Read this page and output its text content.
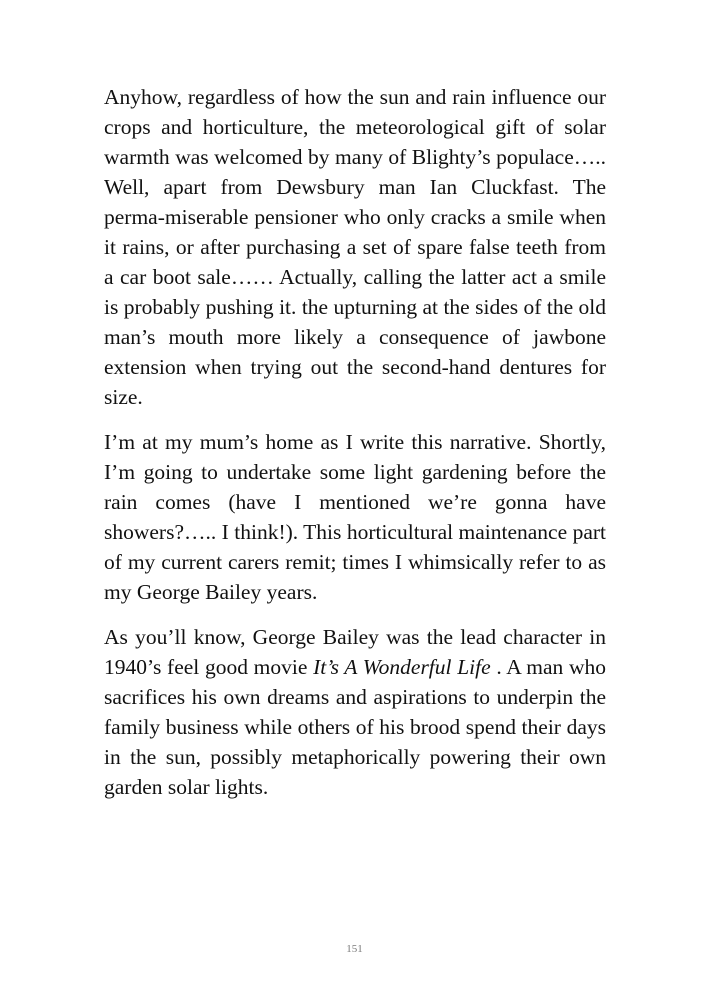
Anyhow, regardless of how the sun and rain influence our crops and horticulture, the meteorological gift of solar warmth was welcomed by many of Blighty’s populace….. Well, apart from Dewsbury man Ian Cluckfast. The perma-miserable pensioner who only cracks a smile when it rains, or after purchasing a set of spare false teeth from a car boot sale…… Actually, calling the latter act a smile is probably pushing it. the upturning at the sides of the old man’s mouth more likely a consequence of jawbone extension when trying out the second-hand dentures for size.

I’m at my mum’s home as I write this narrative. Shortly, I’m going to undertake some light gardening before the rain comes (have I mentioned we’re gonna have showers?….. I think!). This horticultural maintenance part of my current carers remit; times I whimsically refer to as my George Bailey years.

As you’ll know, George Bailey was the lead character in 1940’s feel good movie It’s A Wonderful Life . A man who sacrifices his own dreams and aspirations to underpin the family business while others of his brood spend their days in the sun, possibly metaphorically powering their own garden solar lights.

151
